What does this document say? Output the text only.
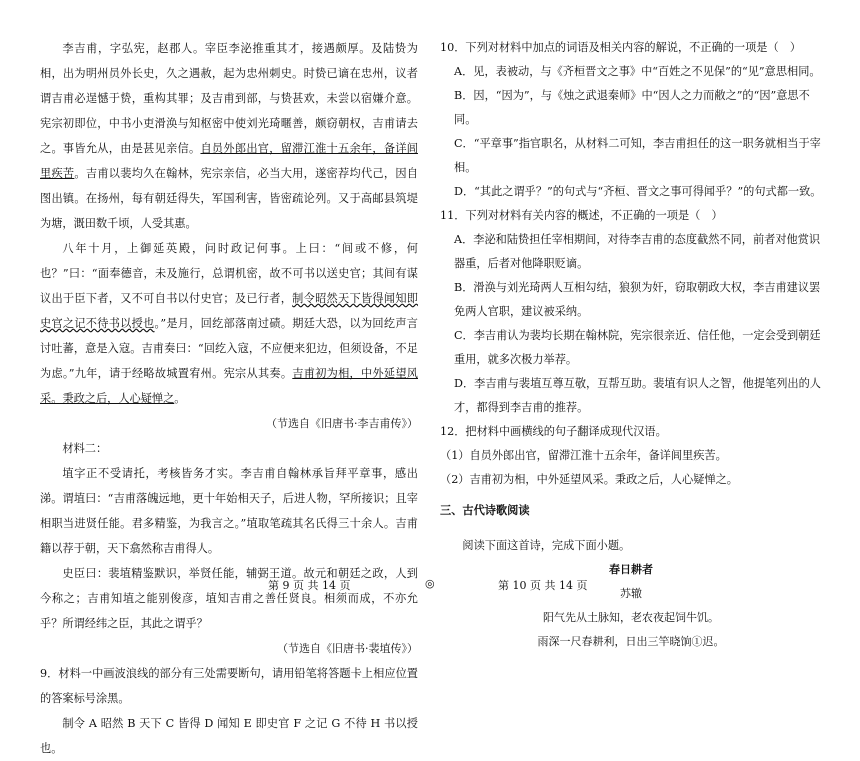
李吉甫，字弘宪，赵郡人。宰臣李泌推重其才，接遇颇厚。及陆贽为相，出为明州员外长史，久之遇赦，起为忠州刺史。时贽已谪在忠州，议者谓吉甫必逞憾于贽，重构其罪；及吉甫到部，与贽甚欢，未尝以宿嫌介意。宪宗初即位，中书小吏滑涣与知枢密中使刘光琦暱善，颇窃朝权，吉甫请去之。事皆允从，由是甚见亲信。自员外郎出官，留滞江淮十五余年，备详闾里疾苦。吉甫以裴均久在翰林，宪宗亲信，必当大用，遂密荐均代己，因自图出镇。在扬州，每有朝廷得失，军国利害，皆密疏论列。又于高邮县筑堤为塘，溉田数千顷，人受其惠。

八年十月，上御延英殿，问时政记何事。上曰：“间或不修，何也？”曰：“面奉德音，未及施行，总谓机密，故不可书以送史官；其间有谋议出于臣下者，又不可自书以付史官；及已行者，制令昭然天下皆得闻知即史官之记不待书以授也。”是月，回纥部落南过碛。期廷大恐，以为回纥声言讨吐蕃，意是入寇。吉甫奏曰：“回纥入寇，不应便来犯边，但须设备，不足为虑。”九年，请于经略故城置宥州。宪宗从其奏。吉甫初为相，中外延望风采。秉政之后，人心疑惮之。

（节选自《旧唐书·李吉甫传》）

材料二：

埴字正不受请托，考核皆务才实。李吉甫自翰林承旨拜平章事，感出涕。谓埴曰：“吉甫落魄远地，更十年始相天子，后进人物，罕所接识；且宰相职当进贤任能。君多精鉴，为我言之。”埴取笔疏其名氏得三十余人。吉甫籍以荐于朝，天下翕然称吉甫得人。

史臣曰：裴埴精鉴默识，举贤任能，辅弼王道。故元和朝廷之政，人到今称之；吉甫知埴之能别俊彦，埴知吉甫之善任贤良。相须而成，不亦允乎？所谓经纬之臣，其此之谓乎？

（节选自《旧唐书·裴埴传》）

9．材料一中画波浪线的部分有三处需要断句，请用铅笔将答题卡上相应位置的答案标号涂黑。

制令 A 昭然 B 天下 C 皆得 D 闻知 E 即史官 F 之记 G 不待 H 书以授也。

10．下列对材料中加点的词语及相关内容的解说，不正确的一项是（　）

A．见，表被动，与《齐桓晋文之事》中“百姓之不见保”的“见”意思相同。

B．因，“因为”，与《烛之武退秦师》中“因人之力而敝之”的“因”意思不同。

C．“平章事”指官职名，从材料二可知，李吉甫担任的这一职务就相当于宰相。

D．“其此之谓乎？”的句式与“齐桓、晋文之事可得闻乎？”的句式都一致。

11．下列对材料有关内容的概述，不正确的一项是（　）

A．李泌和陆贽担任宰相期间，对待李吉甫的态度截然不同，前者对他赏识器重，后者对他降职贬谪。

B．滑涣与刘光琦两人互相勾结，狼狈为奸，窃取朝政大权，李吉甫建议罢免两人官职，建议被采纳。

C．李吉甫认为裴均长期在翰林院，宪宗很亲近、信任他，一定会受到朝廷重用，就多次极力举荐。

D．李吉甫与裴埴互尊互敬，互帮互助。裴埴有识人之智，他提笔列出的人才，都得到李吉甫的推荐。

12．把材料中画横线的句子翻译成现代汉语。

（1）自员外郎出官，留滞江淮十五余年，备详闾里疾苦。

（2）吉甫初为相，中外延望风采。秉政之后，人心疑惮之。

三、古代诗歌阅读

阅读下面这首诗，完成下面小题。

春日耕者

苏辙

阳气先从土脉知，老农夜起饲牛饥。

雨深一尺春耕利，日出三竿晓饷①迟。

第 9 页 共 14 页	◎	第 10 页 共 14 页
